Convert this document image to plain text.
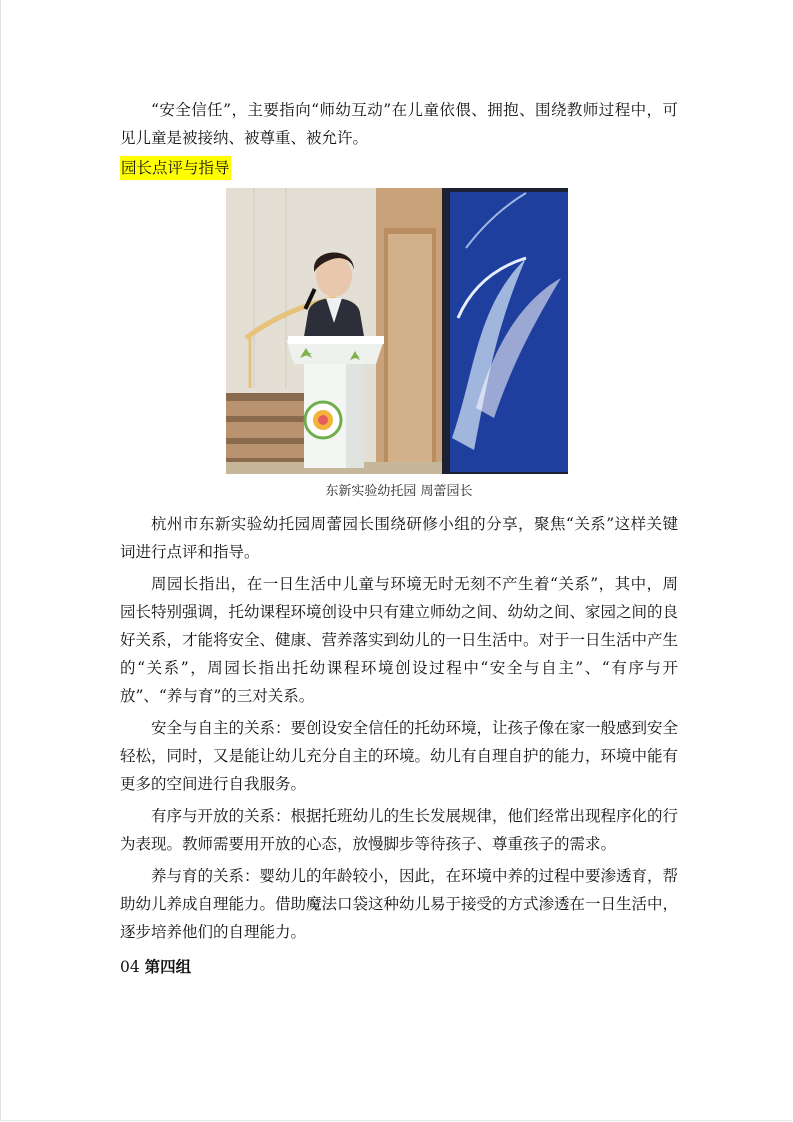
“安全信任”，主要指向“师幼互动”在儿童依偎、拥抱、围绕教师过程中，可见儿童是被接纳、被尊重、被允许。

园长点评与指导
东新实验幼托园 周蕾园长

杭州市东新实验幼托园周蕾园长围绕研修小组的分享，聚焦“关系”这样关键词进行点评和指导。

周园长指出，在一日生活中儿童与环境无时无刻不产生着“关系”，其中，周园长特别强调，托幼课程环境创设中只有建立师幼之间、幼幼之间、家园之间的良好关系，才能将安全、健康、营养落实到幼儿的一日生活中。对于一日生活中产生的“关系”，周园长指出托幼课程环境创设过程中“安全与自主”、“有序与开放”、“养与育”的三对关系。

安全与自主的关系：要创设安全信任的托幼环境，让孩子像在家一般感到安全轻松，同时，又是能让幼儿充分自主的环境。幼儿有自理自护的能力，环境中能有更多的空间进行自我服务。

有序与开放的关系：根据托班幼儿的生长发展规律，他们经常出现程序化的行为表现。教师需要用开放的心态，放慢脚步等待孩子、尊重孩子的需求。

养与育的关系：婴幼儿的年龄较小，因此，在环境中养的过程中要渗透育，帮助幼儿养成自理能力。借助魔法口袋这种幼儿易于接受的方式渗透在一日生活中，逐步培养他们的自理能力。

04 第四组
